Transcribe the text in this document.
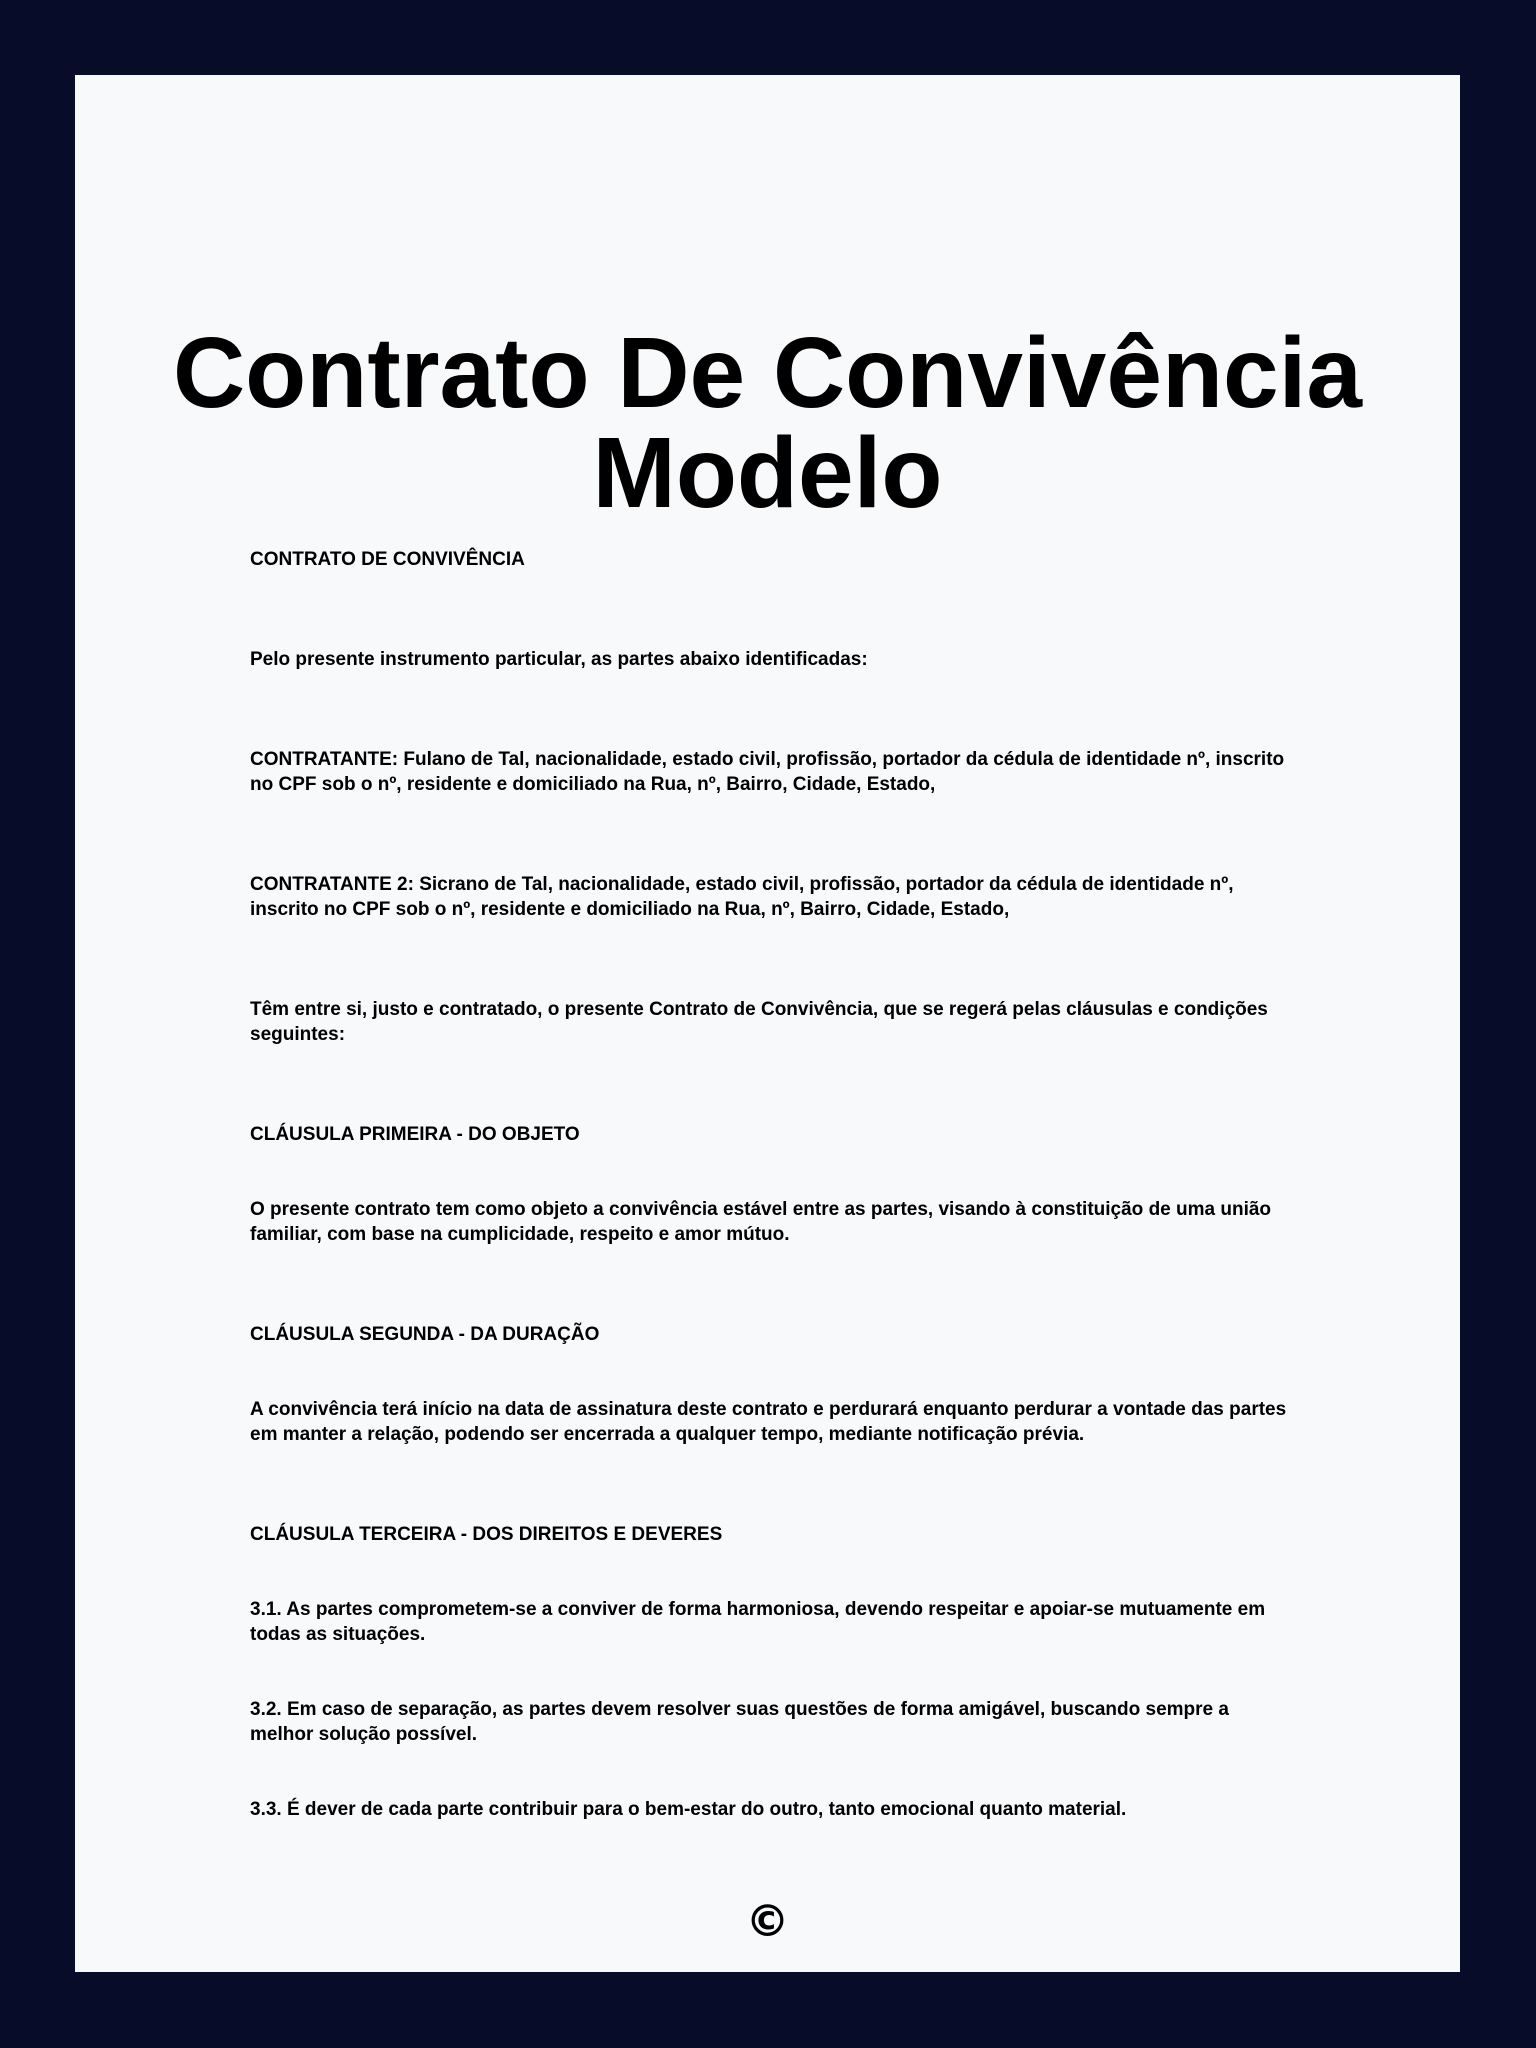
Contrato De Convivência
Modelo

CONTRATO DE CONVIVÊNCIA

Pelo presente instrumento particular, as partes abaixo identificadas:

CONTRATANTE: Fulano de Tal, nacionalidade, estado civil, profissão, portador da cédula de identidade nº, inscrito no CPF sob o nº, residente e domiciliado na Rua, nº, Bairro, Cidade, Estado,

CONTRATANTE 2: Sicrano de Tal, nacionalidade, estado civil, profissão, portador da cédula de identidade nº, inscrito no CPF sob o nº, residente e domiciliado na Rua, nº, Bairro, Cidade, Estado,

Têm entre si, justo e contratado, o presente Contrato de Convivência, que se regerá pelas cláusulas e condições seguintes:

CLÁUSULA PRIMEIRA - DO OBJETO

O presente contrato tem como objeto a convivência estável entre as partes, visando à constituição de uma união familiar, com base na cumplicidade, respeito e amor mútuo.

CLÁUSULA SEGUNDA - DA DURAÇÃO

A convivência terá início na data de assinatura deste contrato e perdurará enquanto perdurar a vontade das partes em manter a relação, podendo ser encerrada a qualquer tempo, mediante notificação prévia.

CLÁUSULA TERCEIRA - DOS DIREITOS E DEVERES

3.1. As partes comprometem-se a conviver de forma harmoniosa, devendo respeitar e apoiar-se mutuamente em todas as situações.

3.2. Em caso de separação, as partes devem resolver suas questões de forma amigável, buscando sempre a melhor solução possível.

3.3. É dever de cada parte contribuir para o bem-estar do outro, tanto emocional quanto material.

©
